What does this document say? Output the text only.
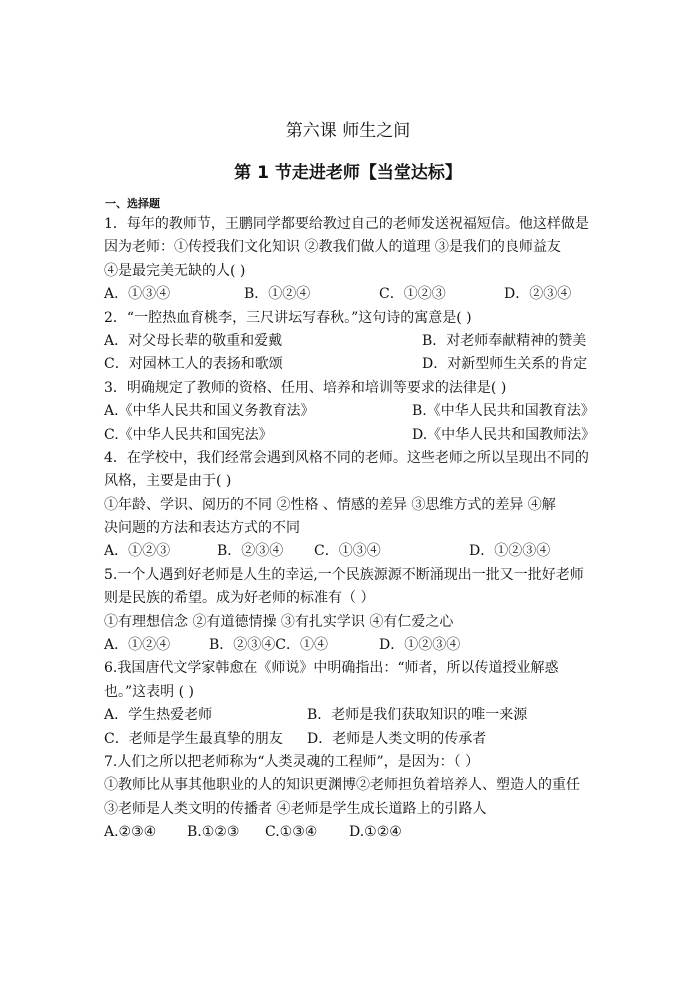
第六课 师生之间
第 1 节走进老师【当堂达标】
一、选择题
1．每年的教师节，王鹏同学都要给教过自己的老师发送祝福短信。他这样做是
因为老师：①传授我们文化知识 ②教我们做人的道理 ③是我们的良师益友
④是最完美无缺的人( )
A．①③④	B．①②④	C．①②③	D．②③④
2．“一腔热血育桃李，三尺讲坛写春秋。”这句诗的寓意是( )
A．对父母长辈的敬重和爱戴	B．对老师奉献精神的赞美
C．对园林工人的表扬和歌颂	D．对新型师生关系的肯定
3．明确规定了教师的资格、任用、培养和培训等要求的法律是( )
A.《中华人民共和国义务教育法》	B.《中华人民共和国教育法》
C.《中华人民共和国宪法》	D.《中华人民共和国教师法》
4．在学校中，我们经常会遇到风格不同的老师。这些老师之所以呈现出不同的
风格，主要是由于( )
①年龄、学识、阅历的不同 ②性格 、情感的差异 ③思维方式的差异 ④解
决问题的方法和表达方式的不同
A．①②③	B．②③④ C．①③④	D．①②③④
5.一个人遇到好老师是人生的幸运,一个民族源源不断涌现出一批又一批好老师
则是民族的希望。成为好老师的标准有（ ）
①有理想信念 ②有道德情操 ③有扎实学识 ④有仁爱之心
A．①②④	B．②③④C．①④	D．①②③④
6.我国唐代文学家韩愈在《师说》中明确指出：“师者，所以传道授业解惑
也。”这表明 ( )
A．学生热爱老师	B．老师是我们获取知识的唯一来源
C．老师是学生最真挚的朋友 D．老师是人类文明的传承者
7.人们之所以把老师称为“人类灵魂的工程师”，是因为：（ ）
①教师比从事其他职业的人的知识更渊博②老师担负着培养人、塑造人的重任
③老师是人类文明的传播者 ④老师是学生成长道路上的引路人
A.②③④ B.①②③ C.①③④ D.①②④
